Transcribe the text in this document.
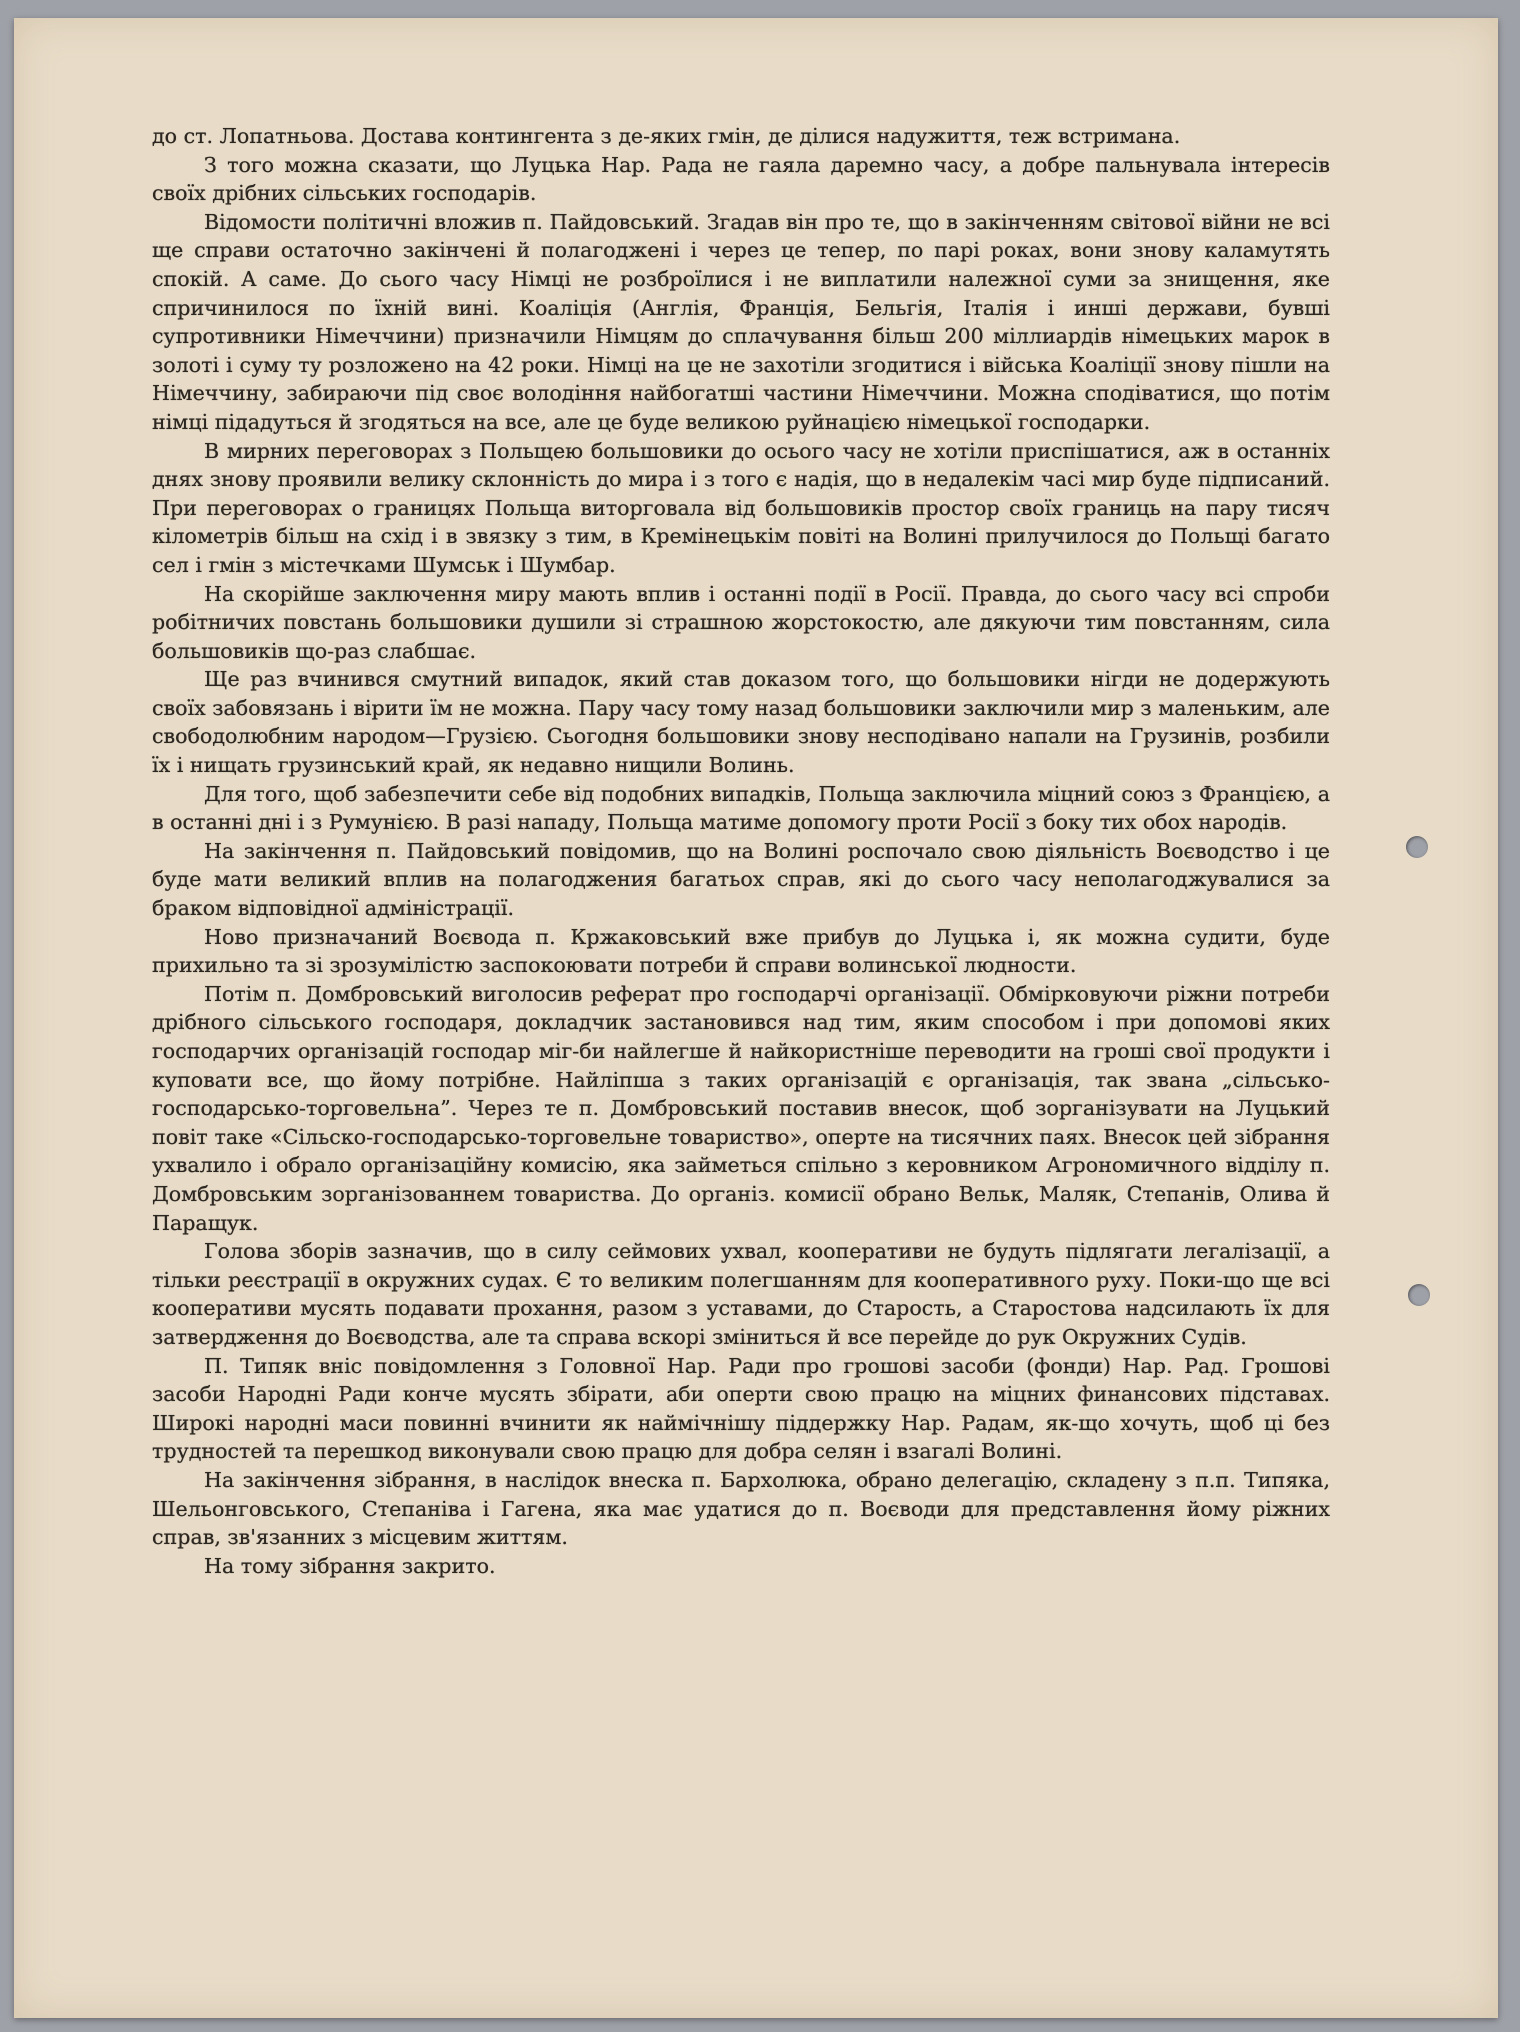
до ст. Лопатньова. Достава контингента з де-яких гмін, де ділися надужиття, теж встримана.

З того можна сказати, що Луцька Нар. Рада не гаяла даремно часу, а добре пальнувала інтересів своїх дрібних сільських господарів.

Відомости політичні вложив п. Пайдовський. Згадав він про те, що в закінченням світової війни не всі ще справи остаточно закінчені й полагоджені і через це тепер, по парі роках, вони знову каламутять спокій. А саме. До сього часу Німці не розброїлися і не виплатили належної суми за знищення, яке спричинилося по їхній вині. Коаліція (Англія, Франція, Бельгія, Італія і инші держави, бувші супротивники Німеччини) призначили Німцям до сплачування більш 200 міллиардів німецьких марок в золоті і суму ту розложено на 42 роки. Німці на це не захотіли згодитися і війська Коаліції знову пішли на Німеччину, забираючи під своє володіння найбогатші частини Німеччини. Можна сподіватися, що потім німці підадуться й згодяться на все, але це буде великою руйнацією німецької господарки.

В мирних переговорах з Польщею большовики до осього часу не хотіли приспішатися, аж в останніх днях знову проявили велику склонність до мира і з того є надія, що в недалекім часі мир буде підписаний. При переговорах о границях Польща виторговала від большовиків простор своїх границь на пару тисяч кілометрів більш на схід і в звязку з тим, в Кремінецькім повіті на Волині прилучилося до Польщі багато сел і гмін з містечками Шумськ і Шумбар.

На скорійше заключення миру мають вплив і останні події в Росії. Правда, до сього часу всі спроби робітничих повстань большовики душили зі страшною жорстокостю, але дякуючи тим повстанням, сила большовиків що-раз слабшає.

Ще раз вчинився смутний випадок, який став доказом того, що большовики нігди не додержують своїх забовязань і вірити їм не можна. Пару часу тому назад большовики заключили мир з маленьким, але свободолюбним народом—Грузією. Сьогодня большовики знову несподівано напали на Грузинів, розбили їх і нищать грузинський край, як недавно нищили Волинь.

Для того, щоб забезпечити себе від подобних випадків, Польща заключила міцний союз з Францією, а в останні дні і з Румунією. В разі нападу, Польща матиме допомогу проти Росії з боку тих обох народів.

На закінчення п. Пайдовський повідомив, що на Волині роспочало свою діяльність Воєводство і це буде мати великий вплив на полагоджения багатьох справ, які до сього часу неполагоджувалися за браком відповідної адміністрації.

Ново призначаний Воєвода п. Кржаковський вже прибув до Луцька і, як можна судити, буде прихильно та зі зрозумілістю заспокоювати потреби й справи волинської людности.

Потім п. Домбровський виголосив реферат про господарчі організації. Обмірковуючи ріжни потреби дрібного сільського господаря, докладчик застановився над тим, яким способом і при допомові яких господарчих організацій господар міг-би найлегше й найкористніше переводити на гроші свої продукти і куповати все, що йому потрібне. Найліпша з таких організацій є організація, так звана „сільсько-господарсько-торговельна”. Через те п. Домбровський поставив внесок, щоб зорганізувати на Луцький повіт таке «Сільско-господарсько-торговельне товариство», оперте на тисячних паях. Внесок цей зібрання ухвалило і обрало організаційну комисію, яка займеться спільно з керовником Агрономичного відділу п. Домбровським зорганізованнем товариства. До організ. комисії обрано Вельк, Маляк, Степанів, Олива й Паращук.

Голова зборів зазначив, що в силу сеймових ухвал, кооперативи не будуть підлягати легалізації, а тільки реєстрації в окружних судах. Є то великим полегшанням для кооперативного руху. Поки-що ще всі кооперативи мусять подавати прохання, разом з уставами, до Старость, а Старостова надсилають їх для затвердження до Воєводства, але та справа вскорі зміниться й все перейде до рук Окружних Судів.

П. Типяк вніс повідомлення з Головної Нар. Ради про грошові засоби (фонди) Нар. Рад. Грошові засоби Народні Ради конче мусять збірати, аби оперти свою працю на міцних финансових підставах. Широкі народні маси повинні вчинити як наймічнішу піддержку Нар. Радам, як-що хочуть, щоб ці без трудностей та перешкод виконували свою працю для добра селян і взагалі Волині.

На закінчення зібрання, в наслідок внеска п. Бархолюка, обрано делегацію, складену з п.п. Типяка, Шельонговського, Степаніва і Гагена, яка має удатися до п. Воєводи для представлення йому ріжних справ, зв'язанних з місцевим життям.

На тому зібрання закрито.
